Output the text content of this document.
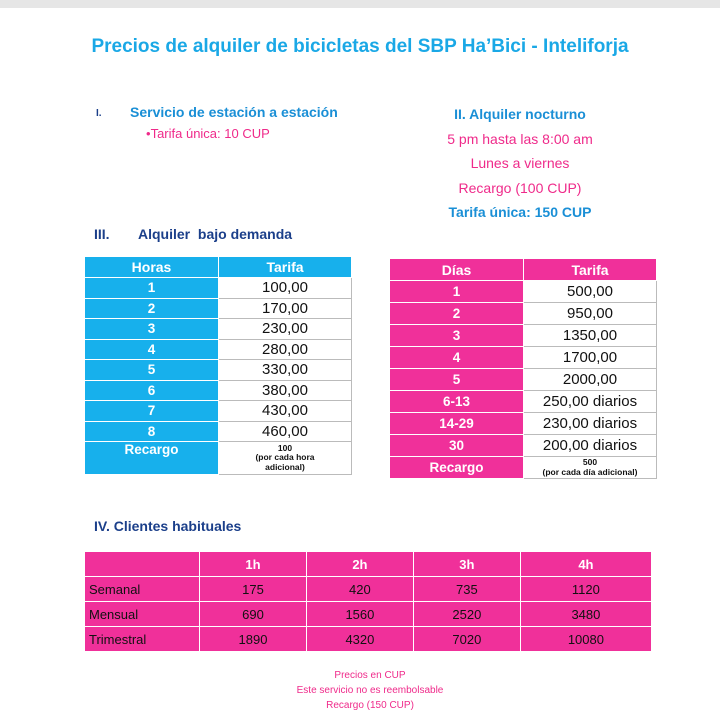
Precios de alquiler de bicicletas del SBP Ha’Bici - Inteliforja
I. Servicio de estación a estación
•Tarifa única: 10 CUP
II. Alquiler nocturno
5 pm hasta las 8:00 am
Lunes a viernes
Recargo (100 CUP)
Tarifa única: 150 CUP
III. Alquiler  bajo demanda
Horas	Tarifa
1	100,00
2	170,00
3	230,00
4	280,00
5	330,00
6	380,00
7	430,00
8	460,00
Recargo	100
(por cada hora adicional)
Días	Tarifa
1	500,00
2	950,00
3	1350,00
4	1700,00
5	2000,00
6-13	250,00 diarios
14-29	230,00 diarios
30	200,00 diarios
Recargo	500
(por cada día adicional)
IV. Clientes habituales
	1h	2h	3h	4h
Semanal	175	420	735	1120
Mensual	690	1560	2520	3480
Trimestral	1890	4320	7020	10080
Precios en CUP
Este servicio no es reembolsable
Recargo (150 CUP)
